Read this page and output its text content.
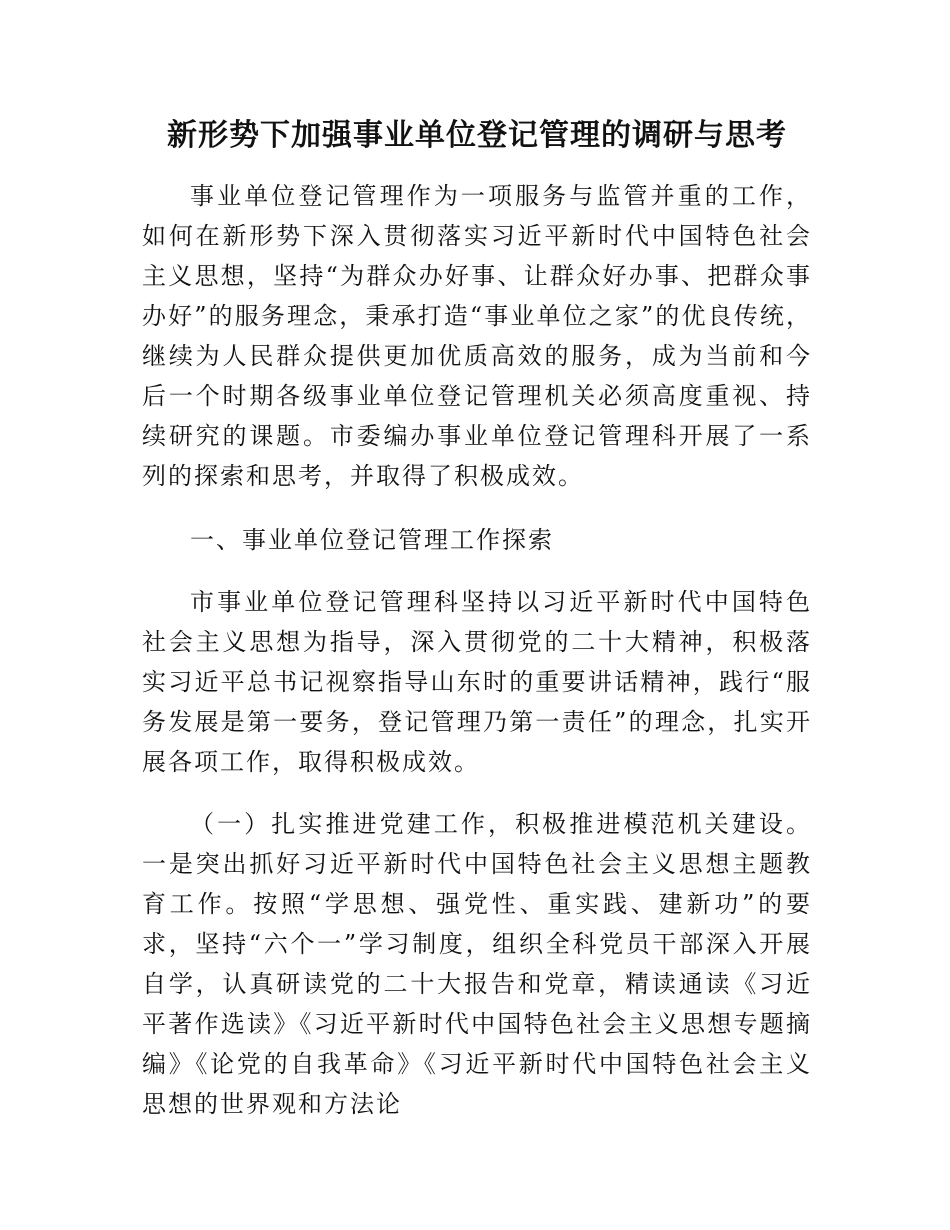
新形势下加强事业单位登记管理的调研与思考

事业单位登记管理作为一项服务与监管并重的工作，如何在新形势下深入贯彻落实习近平新时代中国特色社会主义思想，坚持“为群众办好事、让群众好办事、把群众事办好”的服务理念，秉承打造“事业单位之家”的优良传统，继续为人民群众提供更加优质高效的服务，成为当前和今后一个时期各级事业单位登记管理机关必须高度重视、持续研究的课题。市委编办事业单位登记管理科开展了一系列的探索和思考，并取得了积极成效。

一、事业单位登记管理工作探索

市事业单位登记管理科坚持以习近平新时代中国特色社会主义思想为指导，深入贯彻党的二十大精神，积极落实习近平总书记视察指导山东时的重要讲话精神，践行“服务发展是第一要务，登记管理乃第一责任”的理念，扎实开展各项工作，取得积极成效。

（一）扎实推进党建工作，积极推进模范机关建设。一是突出抓好习近平新时代中国特色社会主义思想主题教育工作。按照“学思想、强党性、重实践、建新功”的要求，坚持“六个一”学习制度，组织全科党员干部深入开展自学，认真研读党的二十大报告和党章，精读通读《习近平著作选读》《习近平新时代中国特色社会主义思想专题摘编》《论党的自我革命》《习近平新时代中国特色社会主义思想的世界观和方法论
